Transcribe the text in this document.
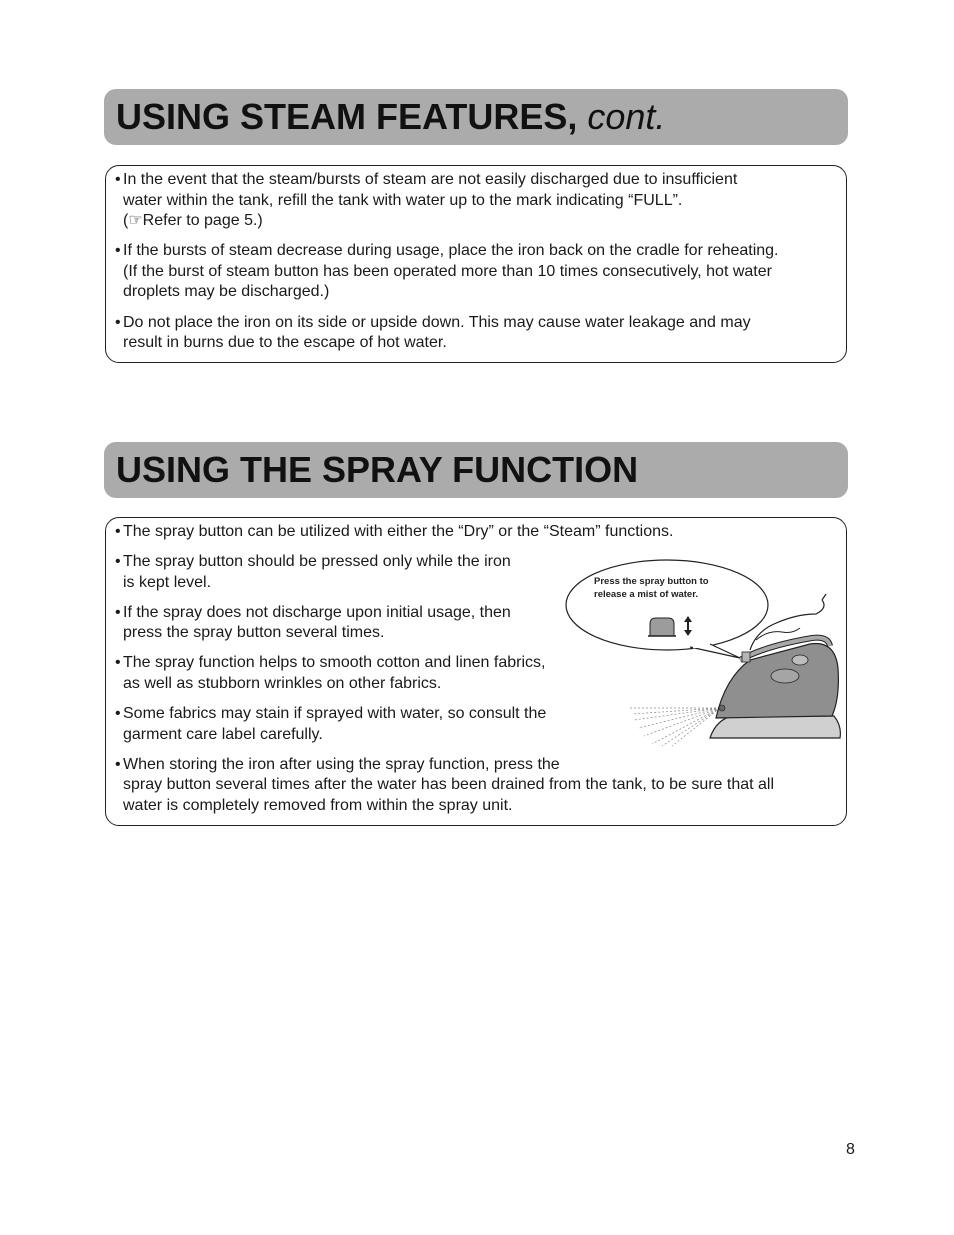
USING STEAM FEATURES, cont.
• In the event that the steam/bursts of steam are not easily discharged due to insufficient
water within the tank, refill the tank with water up to the mark indicating “FULL”.
(☞Refer to page 5.)
• If the bursts of steam decrease during usage, place the iron back on the cradle for reheating.
(If the burst of steam button has been operated more than 10 times consecutively, hot water
droplets may be discharged.)
• Do not place the iron on its side or upside down. This may cause water leakage and may
result in burns due to the escape of hot water.
USING THE SPRAY FUNCTION
• The spray button can be utilized with either the “Dry” or the “Steam” functions.
• The spray button should be pressed only while the iron
is kept level.
• If the spray does not discharge upon initial usage, then
press the spray button several times.
• The spray function helps to smooth cotton and linen fabrics,
as well as stubborn wrinkles on other fabrics.
• Some fabrics may stain if sprayed with water, so consult the
garment care label carefully.
• When storing the iron after using the spray function, press the
spray button several times after the water has been drained from the tank, to be sure that all
water is completely removed from within the spray unit.
Press the spray button to
release a mist of water.
8
